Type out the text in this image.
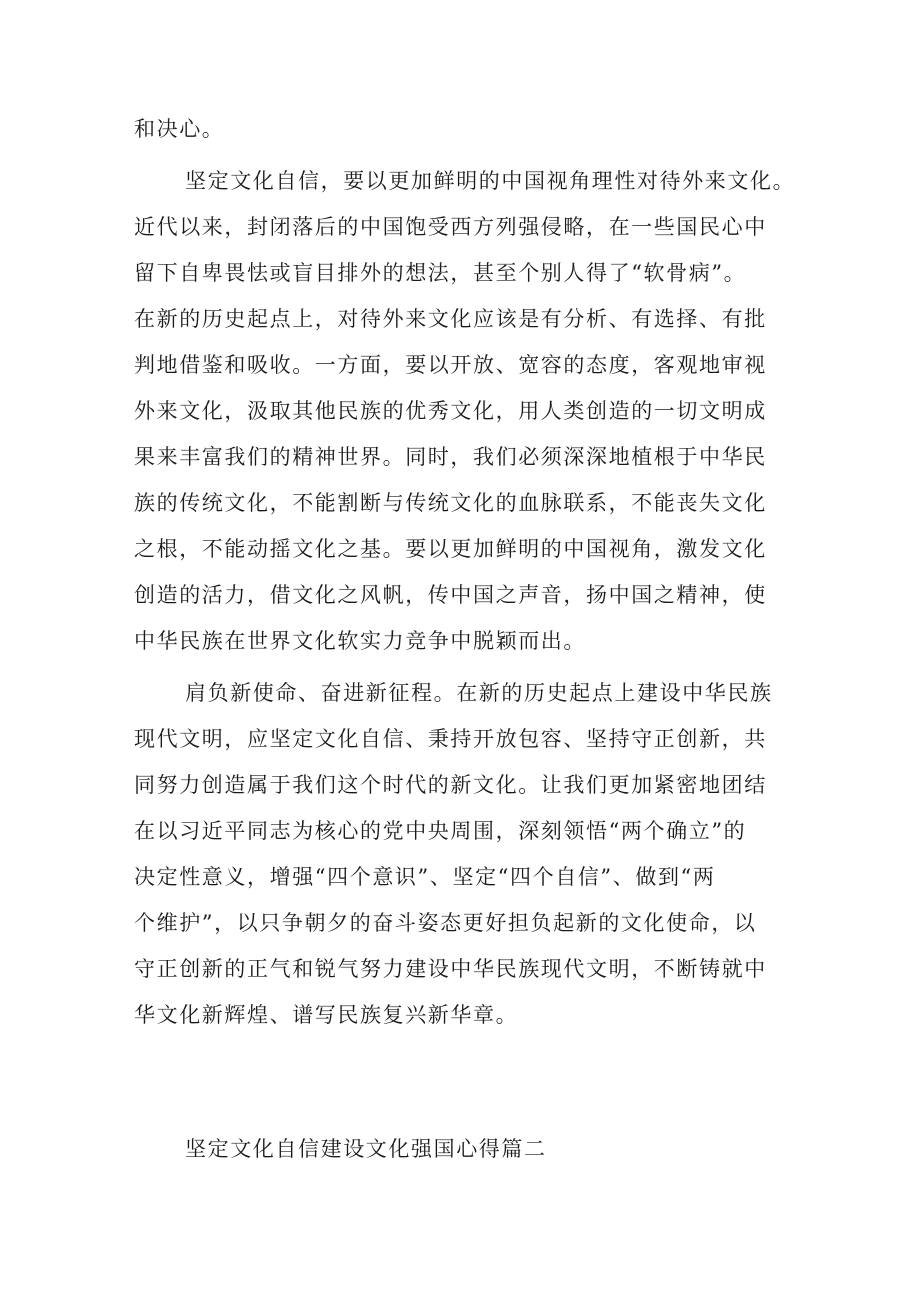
和决心。
坚定文化自信，要以更加鲜明的中国视角理性对待外来文化。
近代以来，封闭落后的中国饱受西方列强侵略，在一些国民心中
留下自卑畏怯或盲目排外的想法，甚至个别人得了“软骨病”。
在新的历史起点上，对待外来文化应该是有分析、有选择、有批
判地借鉴和吸收。一方面，要以开放、宽容的态度，客观地审视
外来文化，汲取其他民族的优秀文化，用人类创造的一切文明成
果来丰富我们的精神世界。同时，我们必须深深地植根于中华民
族的传统文化，不能割断与传统文化的血脉联系，不能丧失文化
之根，不能动摇文化之基。要以更加鲜明的中国视角，激发文化
创造的活力，借文化之风帆，传中国之声音，扬中国之精神，使
中华民族在世界文化软实力竞争中脱颖而出。
肩负新使命、奋进新征程。在新的历史起点上建设中华民族
现代文明，应坚定文化自信、秉持开放包容、坚持守正创新，共
同努力创造属于我们这个时代的新文化。让我们更加紧密地团结
在以习近平同志为核心的党中央周围，深刻领悟“两个确立”的
决定性意义，增强“四个意识”、坚定“四个自信”、做到“两
个维护”，以只争朝夕的奋斗姿态更好担负起新的文化使命，以
守正创新的正气和锐气努力建设中华民族现代文明，不断铸就中
华文化新辉煌、谱写民族复兴新华章。
坚定文化自信建设文化强国心得篇二
